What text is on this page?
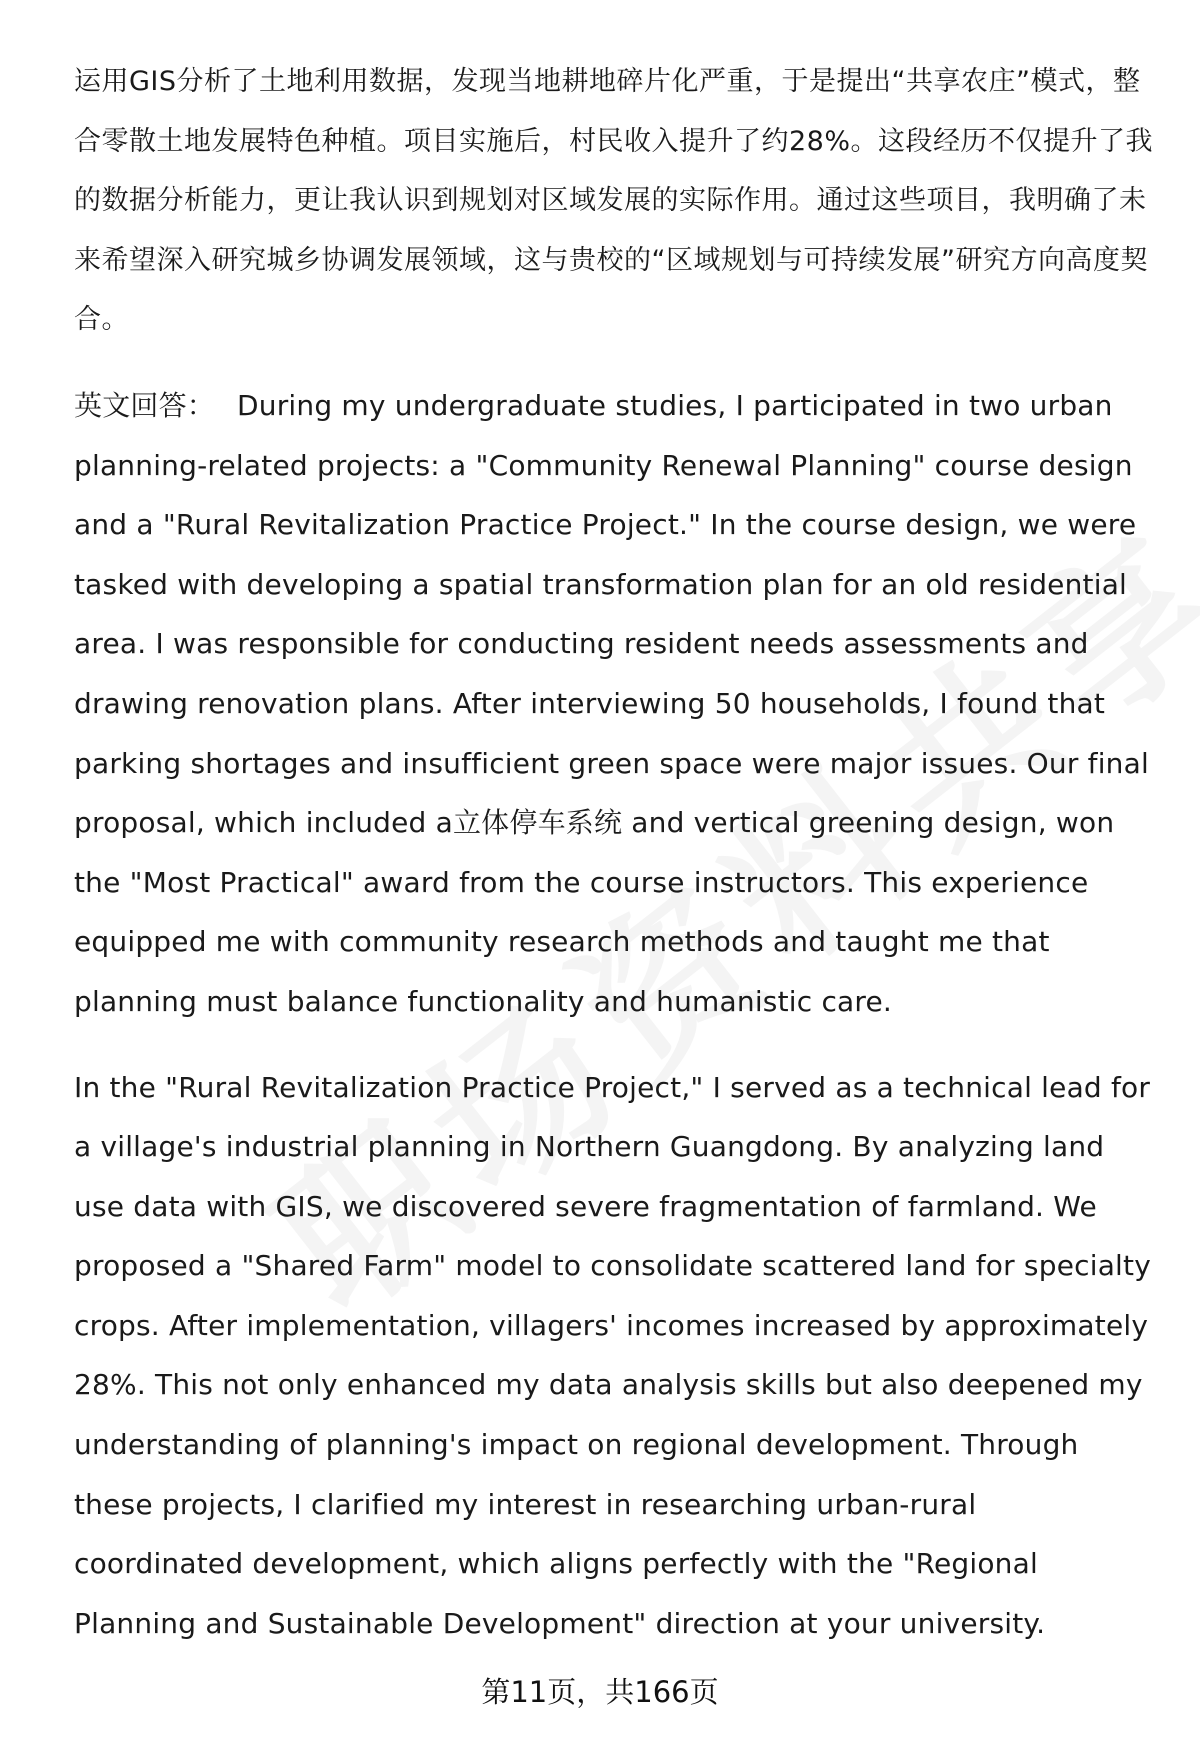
运用GIS分析了土地利用数据，发现当地耕地碎片化严重，于是提出“共享农庄”模式，整合零散土地发展特色种植。项目实施后，村民收入提升了约28%。这段经历不仅提升了我的数据分析能力，更让我认识到规划对区域发展的实际作用。通过这些项目，我明确了未来希望深入研究城乡协调发展领域，这与贵校的“区域规划与可持续发展”研究方向高度契合。

英文回答： During my undergraduate studies, I participated in two urban planning-related projects: a "Community Renewal Planning" course design and a "Rural Revitalization Practice Project." In the course design, we were tasked with developing a spatial transformation plan for an old residential area. I was responsible for conducting resident needs assessments and drawing renovation plans. After interviewing 50 households, I found that parking shortages and insufficient green space were major issues. Our final proposal, which included a立体停车系统 and vertical greening design, won the "Most Practical" award from the course instructors. This experience equipped me with community research methods and taught me that planning must balance functionality and humanistic care.

In the "Rural Revitalization Practice Project," I served as a technical lead for a village's industrial planning in Northern Guangdong. By analyzing land use data with GIS, we discovered severe fragmentation of farmland. We proposed a "Shared Farm" model to consolidate scattered land for specialty crops. After implementation, villagers' incomes increased by approximately 28%. This not only enhanced my data analysis skills but also deepened my understanding of planning's impact on regional development. Through these projects, I clarified my interest in researching urban-rural coordinated development, which aligns perfectly with the "Regional Planning and Sustainable Development" direction at your university.

第11页，共166页
